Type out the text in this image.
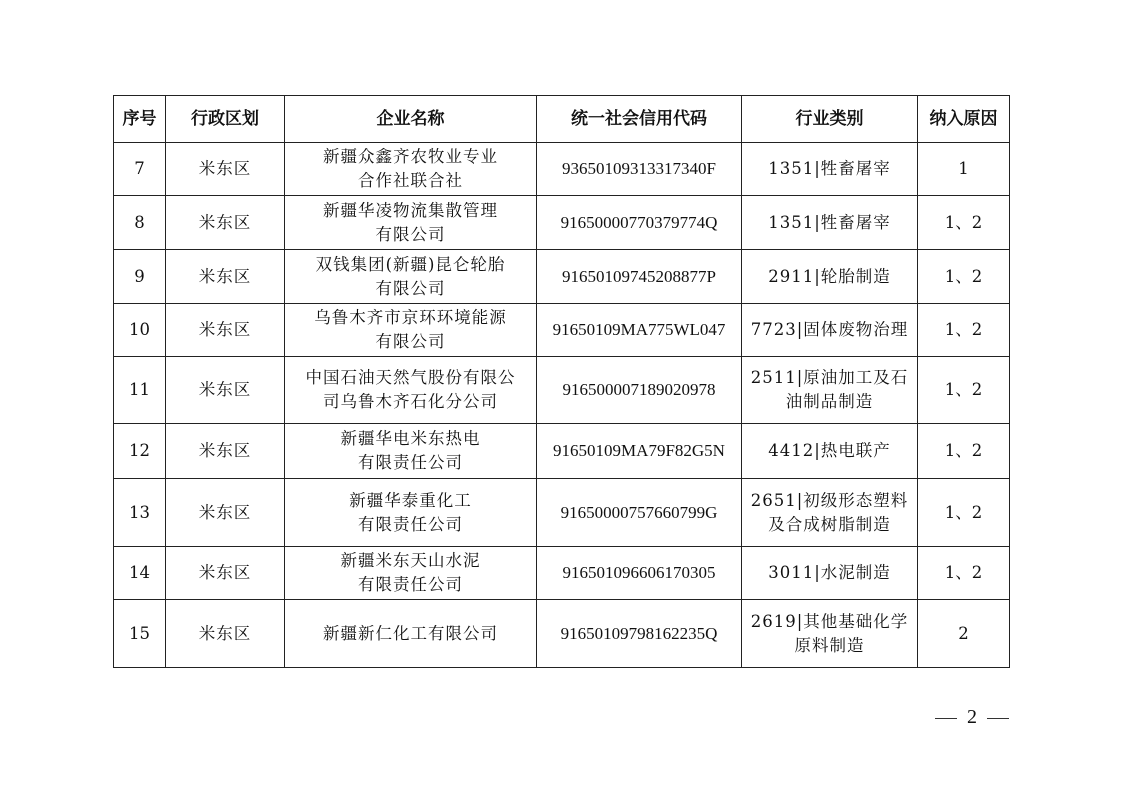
序号	行政区划	企业名称	统一社会信用代码	行业类别	纳入原因
7	米东区	新疆众鑫齐农牧业专业
合作社联合社	93650109313317340F	1351|牲畜屠宰	1
8	米东区	新疆华凌物流集散管理
有限公司	91650000770379774Q	1351|牲畜屠宰	1、2
9	米东区	双钱集团(新疆)昆仑轮胎
有限公司	91650109745208877P	2911|轮胎制造	1、2
10	米东区	乌鲁木齐市京环环境能源
有限公司	91650109MA775WL047	7723|固体废物治理	1、2
11	米东区	中国石油天然气股份有限公
司乌鲁木齐石化分公司	916500007189020978	2511|原油加工及石
油制品制造	1、2
12	米东区	新疆华电米东热电
有限责任公司	91650109MA79F82G5N	4412|热电联产	1、2
13	米东区	新疆华泰重化工
有限责任公司	91650000757660799G	2651|初级形态塑料
及合成树脂制造	1、2
14	米东区	新疆米东天山水泥
有限责任公司	916501096606170305	3011|水泥制造	1、2
15	米东区	新疆新仁化工有限公司	91650109798162235Q	2619|其他基础化学
原料制造	2
2
